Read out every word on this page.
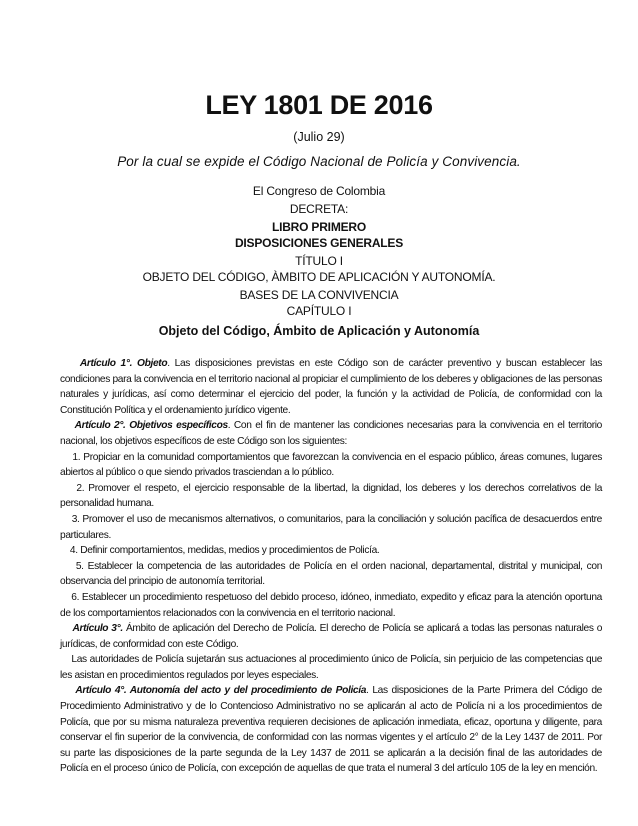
LEY 1801 DE 2016
(Julio 29)
Por la cual se expide el Código Nacional de Policía y Convivencia.
El Congreso de Colombia
DECRETA:
LIBRO PRIMERO
DISPOSICIONES GENERALES
TÍTULO I
OBJETO DEL CÓDIGO, ÀMBITO DE APLICACIÓN Y AUTONOMÍA.
BASES DE LA CONVIVENCIA
CAPÍTULO I
Objeto del Código, Ámbito de Aplicación y Autonomía

Artículo 1°. Objeto. Las disposiciones previstas en este Código son de carácter preventivo y buscan establecer las condiciones para la convivencia en el territorio nacional al propiciar el cumplimiento de los deberes y obligaciones de las personas naturales y jurídicas, así como determinar el ejercicio del poder, la función y la actividad de Policía, de conformidad con la Constitución Política y el ordenamiento jurídico vigente.

Artículo 2°. Objetivos específicos. Con el fin de mantener las condiciones necesarias para la convivencia en el territorio nacional, los objetivos específicos de este Código son los siguientes:

1. Propiciar en la comunidad comportamientos que favorezcan la convivencia en el espacio público, áreas comunes, lugares abiertos al público o que siendo privados trasciendan a lo público.

2. Promover el respeto, el ejercicio responsable de la libertad, la dignidad, los deberes y los derechos correlativos de la personalidad humana.

3. Promover el uso de mecanismos alternativos, o comunitarios, para la conciliación y solución pacífica de desacuerdos entre particulares.

4. Definir comportamientos, medidas, medios y procedimientos de Policía.

5. Establecer la competencia de las autoridades de Policía en el orden nacional, departamental, distrital y municipal, con observancia del principio de autonomía territorial.

6. Establecer un procedimiento respetuoso del debido proceso, idóneo, inmediato, expedito y eficaz para la atención oportuna de los comportamientos relacionados con la convivencia en el territorio nacional.

Artículo 3°. Ámbito de aplicación del Derecho de Policía. El derecho de Policía se aplicará a todas las personas naturales o jurídicas, de conformidad con este Código.

Las autoridades de Policía sujetarán sus actuaciones al procedimiento único de Policía, sin perjuicio de las competencias que les asistan en procedimientos regulados por leyes especiales.

Artículo 4°. Autonomía del acto y del procedimiento de Policía. Las disposiciones de la Parte Primera del Código de Procedimiento Administrativo y de lo Contencioso Administrativo no se aplicarán al acto de Policía ni a los procedimientos de Policía, que por su misma naturaleza preventiva requieren decisiones de aplicación inmediata, eficaz, oportuna y diligente, para conservar el fin superior de la convivencia, de conformidad con las normas vigentes y el artículo 2° de la Ley 1437 de 2011. Por su parte las disposiciones de la parte segunda de la Ley 1437 de 2011 se aplicarán a la decisión final de las autoridades de Policía en el proceso único de Policía, con excepción de aquellas de que trata el numeral 3 del artículo 105 de la ley en mención.
